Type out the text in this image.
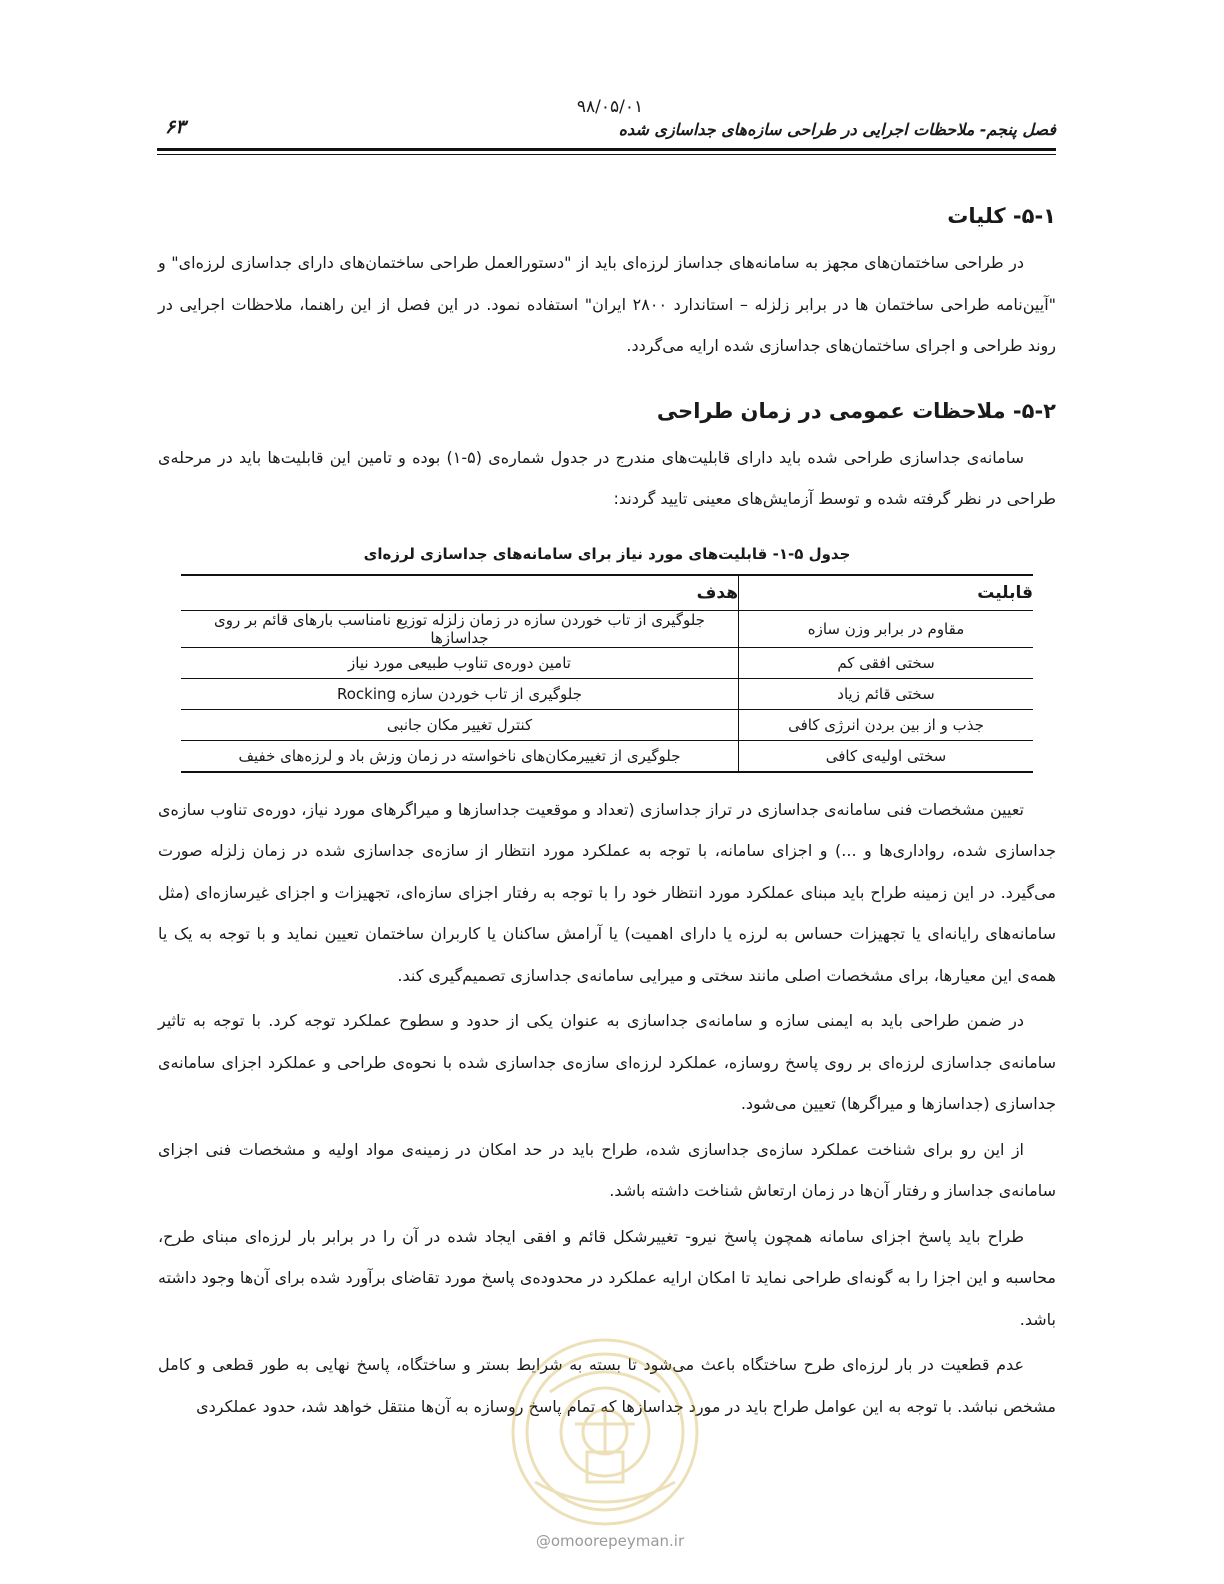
۹۸/۰۵/۰۱
فصل پنجم- ملاحظات اجرایی در طراحی سازه‌های جداسازی شده
۶۳
۵-۱- کلیات

در طراحی ساختمان‌های مجهز به سامانه‌های جداساز لرزه‌ای باید از "دستورالعمل طراحی ساختمان‌های دارای جداسازی لرزه‌ای" و "آیین‌نامه طراحی ساختمان ها در برابر زلزله – استاندارد ۲۸۰۰ ایران" استفاده نمود. در این فصل از این راهنما، ملاحظات اجرایی در روند طراحی و اجرای ساختمان‌های جداسازی شده ارایه می‌گردد.

۵-۲- ملاحظات عمومی در زمان طراحی

سامانه‌ی جداسازی طراحی شده باید دارای قابلیت‌های مندرج در جدول شماره‌ی (۵-۱) بوده و تامین این قابلیت‌ها باید در مرحله‌ی طراحی در نظر گرفته شده و توسط آزمایش‌های معینی تایید گردند:

جدول ۵-۱- قابلیت‌های مورد نیاز برای سامانه‌های جداسازی لرزه‌ای
قابلیت	هدف
مقاوم در برابر وزن سازه	جلوگیری از تاب خوردن سازه در زمان زلزله توزیع نامناسب بارهای قائم بر روی جداسازها
سختی افقی کم	تامین دوره‌ی تناوب طبیعی مورد نیاز
سختی قائم زیاد	جلوگیری از تاب خوردن سازه Rocking
جذب و از بین بردن انرژی کافی	کنترل تغییر مکان جانبی
سختی اولیه‌ی کافی	جلوگیری از تغییرمکان‌های ناخواسته در زمان وزش باد و لرزه‌های خفیف

تعیین مشخصات فنی سامانه‌ی جداسازی در تراز جداسازی (تعداد و موقعیت جداسازها و میراگرهای مورد نیاز، دوره‌ی تناوب سازه‌ی جداسازی شده، رواداری‌ها و ...) و اجزای سامانه، با توجه به عملکرد مورد انتظار از سازه‌ی جداسازی شده در زمان زلزله صورت می‌گیرد. در این زمینه طراح باید مبنای عملکرد مورد انتظار خود را با توجه به رفتار اجزای سازه‌ای، تجهیزات و اجزای غیرسازه‌ای (مثل سامانه‌های رایانه‌ای یا تجهیزات حساس به لرزه یا دارای اهمیت) یا آرامش ساکنان یا کاربران ساختمان تعیین نماید و با توجه به یک یا همه‌ی این معیارها، برای مشخصات اصلی مانند سختی و میرایی سامانه‌ی جداسازی تصمیم‌گیری کند.

در ضمن طراحی باید به ایمنی سازه و سامانه‌ی جداسازی به عنوان یکی از حدود و سطوح عملکرد توجه کرد. با توجه به تاثیر سامانه‌ی جداسازی لرزه‌ای بر روی پاسخ روسازه، عملکرد لرزه‌ای سازه‌ی جداسازی شده با نحوه‌ی طراحی و عملکرد اجزای سامانه‌ی جداسازی (جداسازها و میراگرها) تعیین می‌شود.

از این رو برای شناخت عملکرد سازه‌ی جداسازی شده، طراح باید در حد امکان در زمینه‌ی مواد اولیه و مشخصات فنی اجزای سامانه‌ی جداساز و رفتار آن‌ها در زمان ارتعاش شناخت داشته باشد.

طراح باید پاسخ اجزای سامانه همچون پاسخ نیرو- تغییرشکل قائم و افقی ایجاد شده در آن را در برابر بار لرزه‌ای مبنای طرح، محاسبه و این اجزا را به گونه‌ای طراحی نماید تا امکان ارایه عملکرد در محدوده‌ی پاسخ مورد تقاضای برآورد شده برای آن‌ها وجود داشته باشد.

عدم قطعیت در بار لرزه‌ای طرح ساختگاه باعث می‌شود تا بسته به شرایط بستر و ساختگاه، پاسخ نهایی به طور قطعی و کامل مشخص نباشد. با توجه به این عوامل طراح باید در مورد جداسازها که تمام پاسخ روسازه به آن‌ها منتقل خواهد شد، حدود عملکردی

@omoorepeyman.ir
